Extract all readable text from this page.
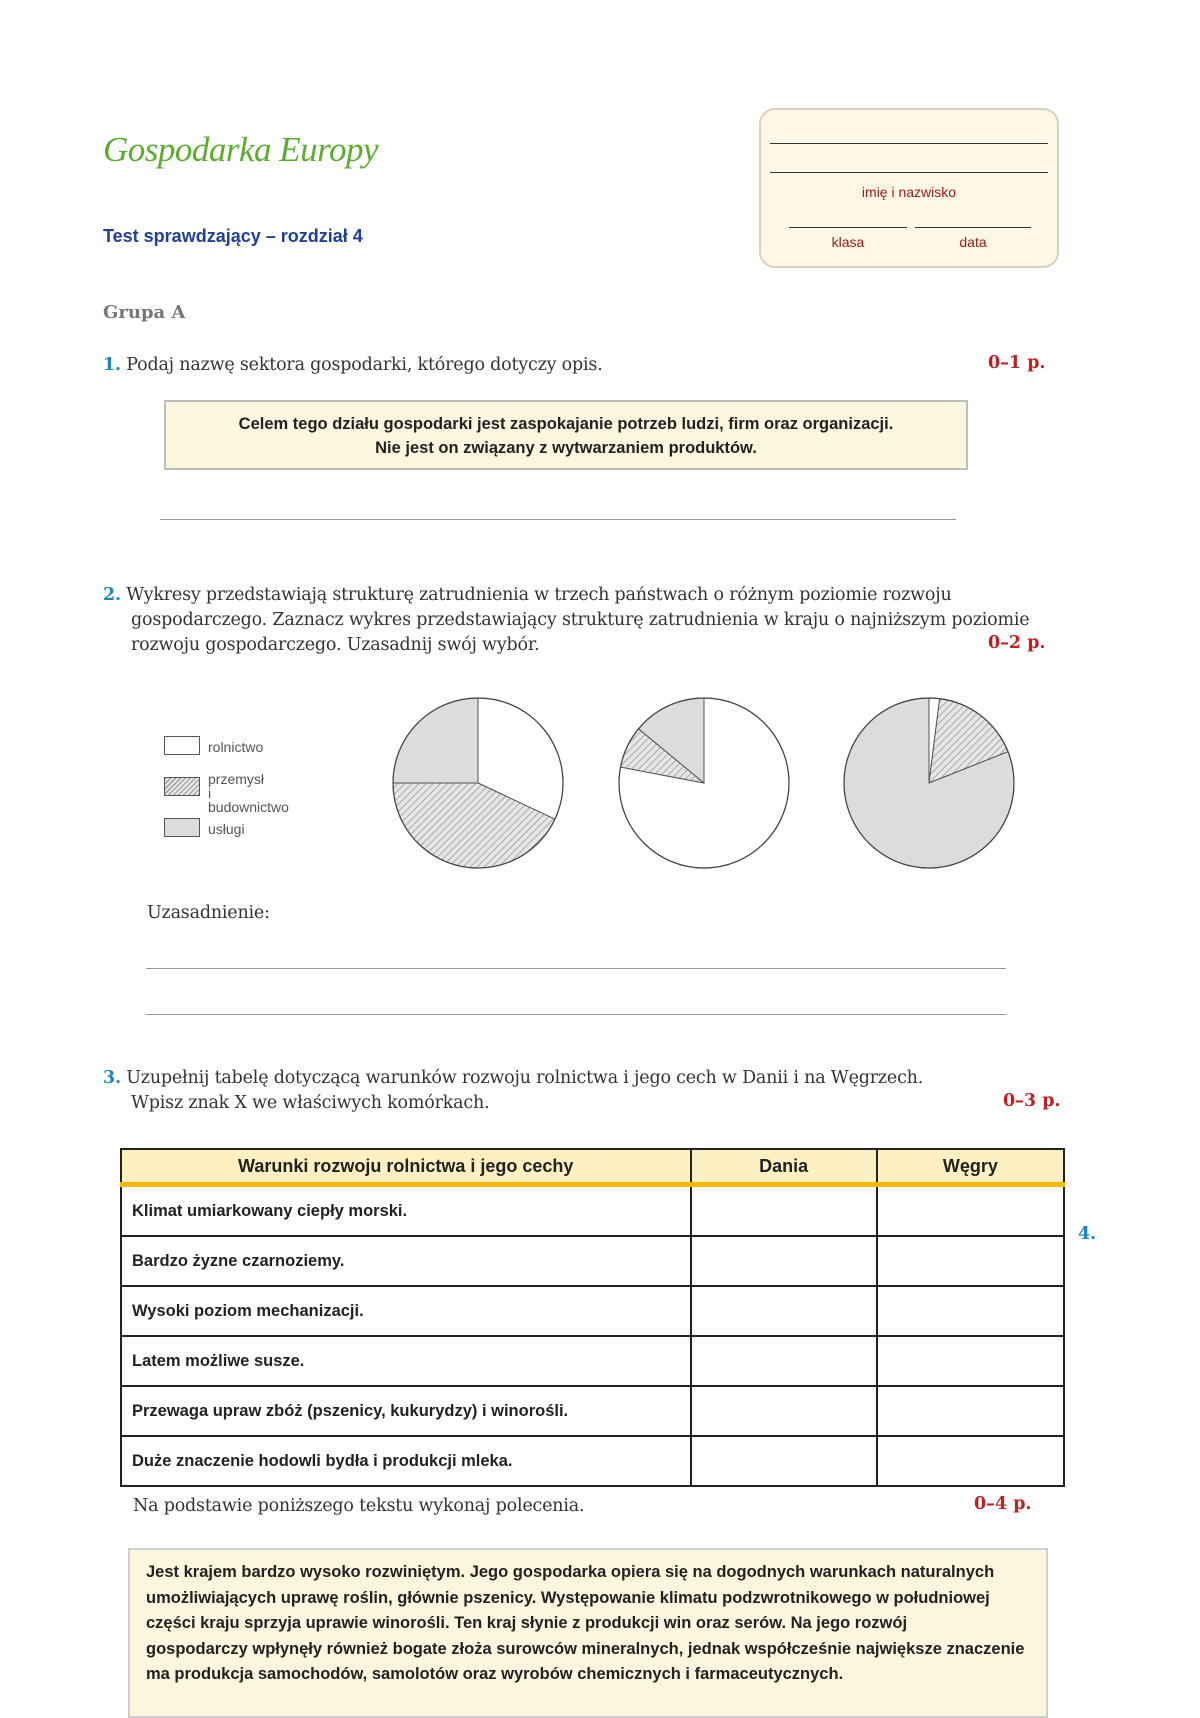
Gospodarka Europy
Test sprawdzający – rozdział 4
imię i nazwisko
klasa	data
Grupa A
1. Podaj nazwę sektora gospodarki, którego dotyczy opis.	0–1 p.
Celem tego działu gospodarki jest zaspokajanie potrzeb ludzi, firm oraz organizacji.
Nie jest on związany z wytwarzaniem produktów.
2. Wykresy przedstawiają strukturę zatrudnienia w trzech państwach o różnym poziomie rozwoju
gospodarczego. Zaznacz wykres przedstawiający strukturę zatrudnienia w kraju o najniższym poziomie
rozwoju gospodarczego. Uzasadnij swój wybór.	0–2 p.
rolnictwo
przemysł
i budownictwo
usługi
Uzasadnienie:
3. Uzupełnij tabelę dotyczącą warunków rozwoju rolnictwa i jego cech w Danii i na Węgrzech.
Wpisz znak X we właściwych komórkach.	0–3 p.
Warunki rozwoju rolnictwa i jego cechy	Dania	Węgry
Klimat umiarkowany ciepły morski.		
Bardzo żyzne czarnoziemy.		
Wysoki poziom mechanizacji.		
Latem możliwe susze.		
Przewaga upraw zbóż (pszenicy, kukurydzy) i winorośli.		
Duże znaczenie hodowli bydła i produkcji mleka.		
4.
Na podstawie poniższego tekstu wykonaj polecenia.	0–4 p.
Jest krajem bardzo wysoko rozwiniętym. Jego gospodarka opiera się na dogodnych warunkach naturalnych
umożliwiających uprawę roślin, głównie pszenicy. Występowanie klimatu podzwrotnikowego w południowej
części kraju sprzyja uprawie winorośli. Ten kraj słynie z produkcji win oraz serów. Na jego rozwój
gospodarczy wpłynęły również bogate złoża surowców mineralnych, jednak współcześnie największe znaczenie
ma produkcja samochodów, samolotów oraz wyrobów chemicznych i farmaceutycznych.
